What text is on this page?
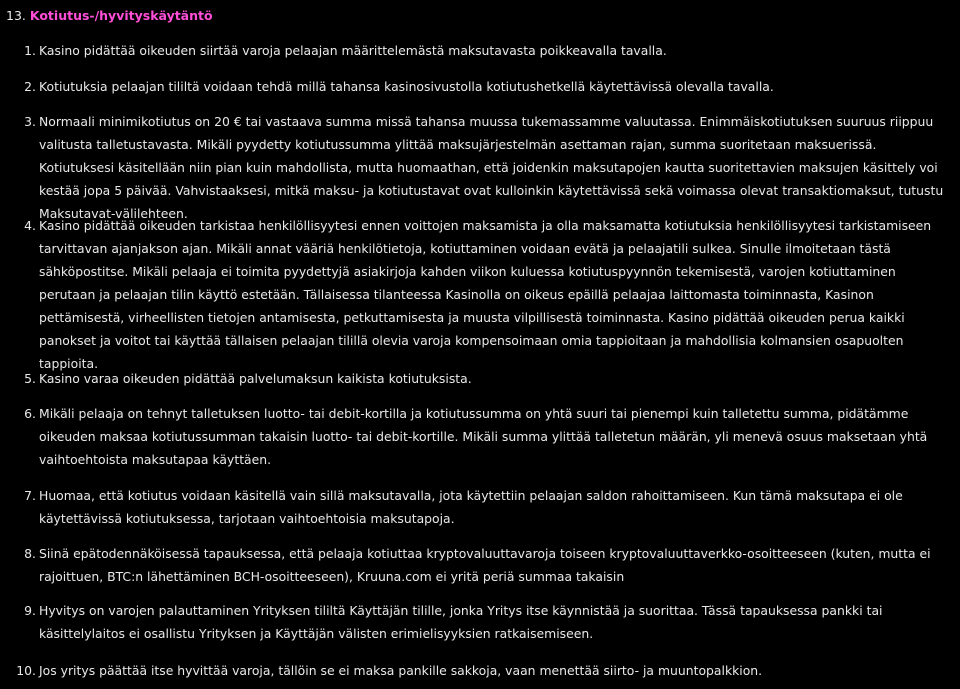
13. Kotiutus-/hyvityskäytäntö
1. Kasino pidättää oikeuden siirtää varoja pelaajan määrittelemästä maksutavasta poikkeavalla tavalla.
2. Kotiutuksia pelaajan tililtä voidaan tehdä millä tahansa kasinosivustolla kotiutushetkellä käytettävissä olevalla tavalla.
3. Normaali minimikotiutus on 20 € tai vastaava summa missä tahansa muussa tukemassamme valuutassa. Enimmäiskotiutuksen suuruus riippuu valitusta talletustavasta. Mikäli pyydetty kotiutussumma ylittää maksujärjestelmän asettaman rajan, summa suoritetaan maksuerissä. Kotiutuksesi käsitellään niin pian kuin mahdollista, mutta huomaathan, että joidenkin maksutapojen kautta suoritettavien maksujen käsittely voi kestää jopa 5 päivää. Vahvistaaksesi, mitkä maksu- ja kotiutustavat ovat kulloinkin käytettävissä sekä voimassa olevat transaktiomaksut, tutustu Maksutavat-välilehteen.
4. Kasino pidättää oikeuden tarkistaa henkilöllisyytesi ennen voittojen maksamista ja olla maksamatta kotiutuksia henkilöllisyytesi tarkistamiseen tarvittavan ajanjakson ajan. Mikäli annat vääriä henkilötietoja, kotiuttaminen voidaan evätä ja pelaajatili sulkea. Sinulle ilmoitetaan tästä sähköpostitse. Mikäli pelaaja ei toimita pyydettyjä asiakirjoja kahden viikon kuluessa kotiutuspyynnön tekemisestä, varojen kotiuttaminen perutaan ja pelaajan tilin käyttö estetään. Tällaisessa tilanteessa Kasinolla on oikeus epäillä pelaajaa laittomasta toiminnasta, Kasinon pettämisestä, virheellisten tietojen antamisesta, petkuttamisesta ja muusta vilpillisestä toiminnasta. Kasino pidättää oikeuden perua kaikki panokset ja voitot tai käyttää tällaisen pelaajan tilillä olevia varoja kompensoimaan omia tappioitaan ja mahdollisia kolmansien osapuolten tappioita.
5. Kasino varaa oikeuden pidättää palvelumaksun kaikista kotiutuksista.
6. Mikäli pelaaja on tehnyt talletuksen luotto- tai debit-kortilla ja kotiutussumma on yhtä suuri tai pienempi kuin talletettu summa, pidätämme oikeuden maksaa kotiutussumman takaisin luotto- tai debit-kortille. Mikäli summa ylittää talletetun määrän, yli menevä osuus maksetaan yhtä vaihtoehtoista maksutapaa käyttäen.
7. Huomaa, että kotiutus voidaan käsitellä vain sillä maksutavalla, jota käytettiin pelaajan saldon rahoittamiseen. Kun tämä maksutapa ei ole käytettävissä kotiutuksessa, tarjotaan vaihtoehtoisia maksutapoja.
8. Siinä epätodennäköisessä tapauksessa, että pelaaja kotiuttaa kryptovaluuttavaroja toiseen kryptovaluuttaverkko-osoitteeseen (kuten, mutta ei rajoittuen, BTC:n lähettäminen BCH-osoitteeseen), Kruuna.com ei yritä periä summaa takaisin
9. Hyvitys on varojen palauttaminen Yrityksen tililtä Käyttäjän tilille, jonka Yritys itse käynnistää ja suorittaa. Tässä tapauksessa pankki tai käsittelylaitos ei osallistu Yrityksen ja Käyttäjän välisten erimielisyyksien ratkaisemiseen.
10. Jos yritys päättää itse hyvittää varoja, tällöin se ei maksa pankille sakkoja, vaan menettää siirto- ja muuntopalkkion.
